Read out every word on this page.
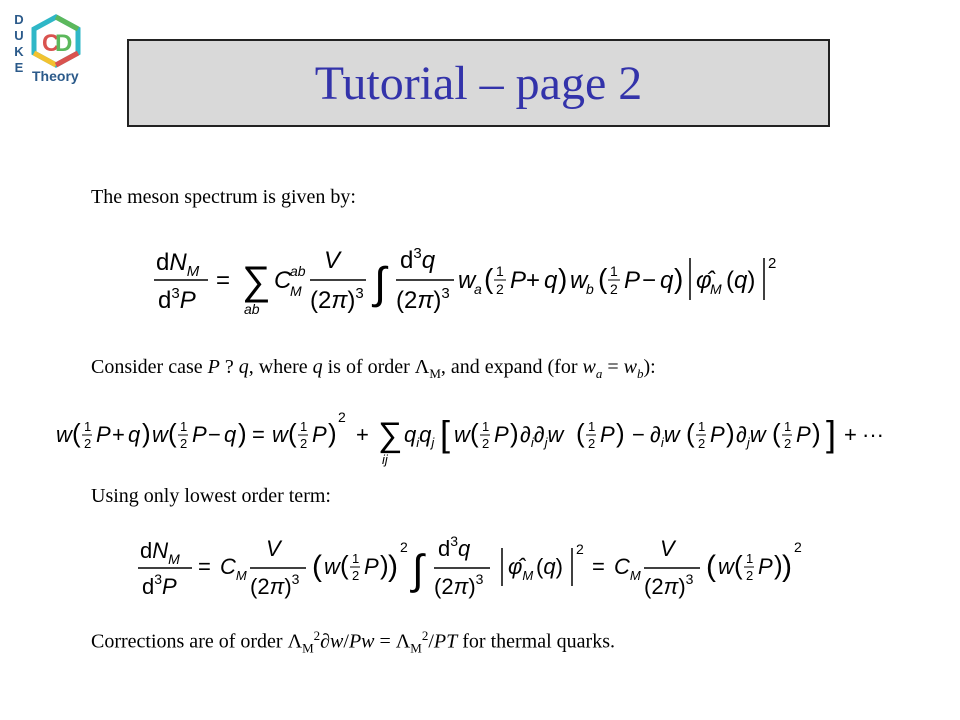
D
U
K
E
C
D
Theory	Tutorial – page 2
The meson spectrum is given by:
$dN_M$
$d^3P$
= ∑
ab
C
M
ab V
$(2\pi)^3$ ∫ $d^3q$
$(2\pi)^3$ w
a ( 1
2 P + q ) w
b ( 1
2 P − q ) φ̂
M (q)
2
Consider case P ? q, where q is of order $\Lambda_M$, and expand (for $w_a = w_b$):
w ( 1
2 P + q ) w ( 1
2 P − q ) = w ( 1
2 P )
2
+ ∑
ij
$q_iq_j$ [ w ( 1
2 P ) $\partial_i\partial_jw$ ( 1
2 P ) − $\partial_iw$ ( 1
2 P ) $\partial_jw$ ( 1
2 P ) ] + ···
Using only lowest order term:
$dN_M$
$d^3P$
= $C_M$
V
$(2\pi)^3$ ( w ( 1
2 P ) )
2 ∫ $d^3q$
$(2\pi)^3$ $\varphî_M$ (q)
2
= $C_M$
V
$(2\pi)^3$ ( w ( 1
2 P ) )
2
Corrections are of order $\Lambda_M^2\partial w/Pw = \Lambda_M^2/PT$ for thermal quarks.
